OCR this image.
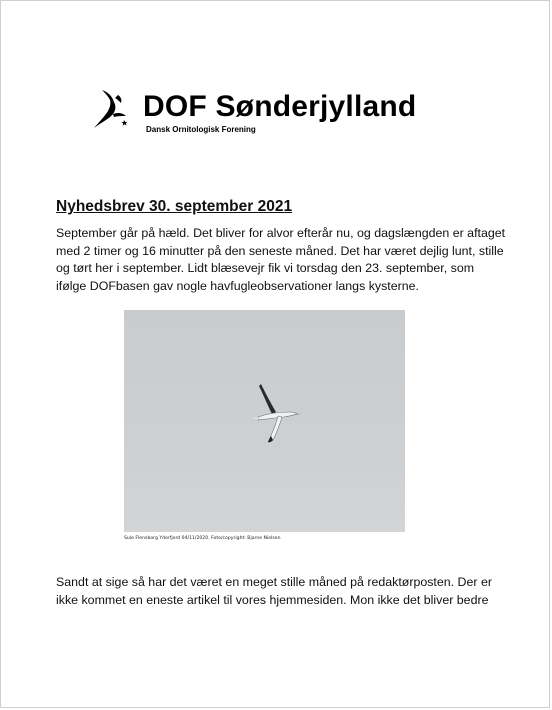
DOF Sønderjylland
Dansk Ornitologisk Forening
Nyhedsbrev 30. september 2021
September går på hæld. Det bliver for alvor efterår nu, og dagslængden er aftaget med 2 timer og 16 minutter på den seneste måned. Det har været dejlig lunt, stille og tørt her i september. Lidt blæsevejr fik vi torsdag den 23. september, som ifølge DOFbasen gav nogle havfugleobservationer langs kysterne.
Sule Flensborg Yderfjord 04/11/2020. Foto/copyright: Bjarne Nielsen
Sandt at sige så har det været en meget stille måned på redaktørposten. Der er ikke kommet en eneste artikel til vores hjemmesiden. Mon ikke det bliver bedre
